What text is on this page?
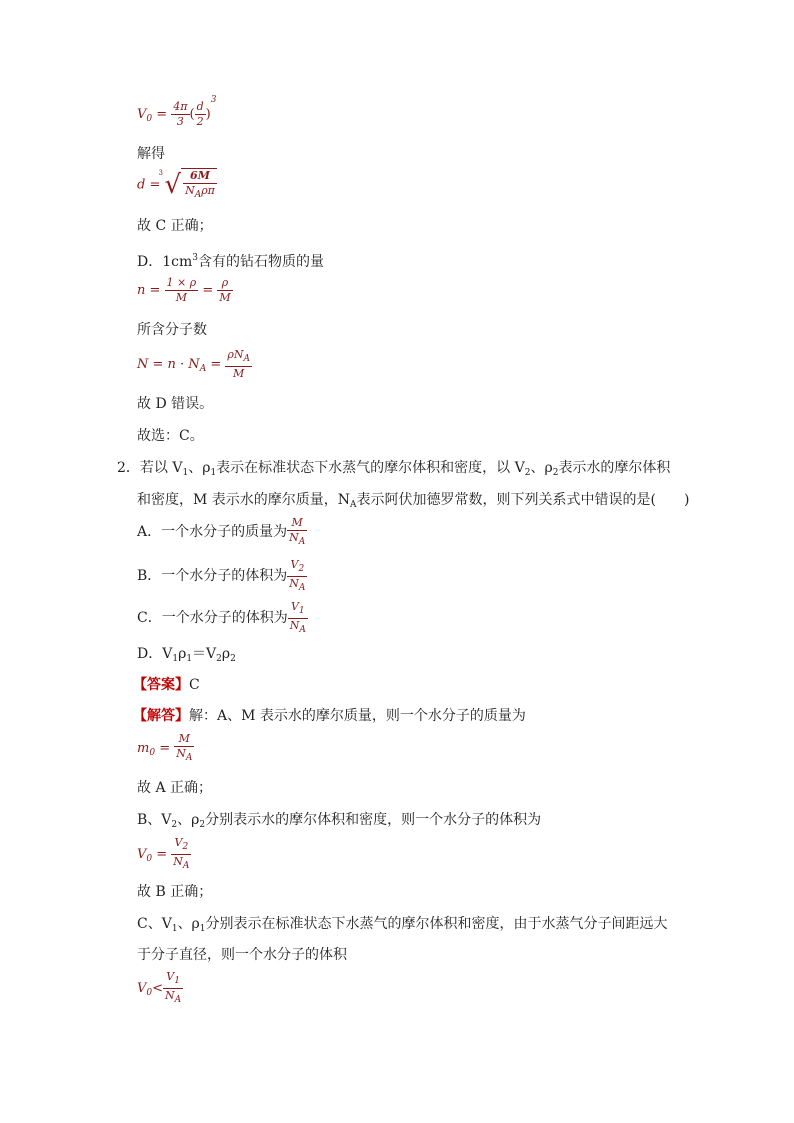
$V_0 = \frac{4\pi}{3}$ ( $\frac{d}{2} )^3$
解得
d =
3 √ $\frac{6M}{N_A\rho\pi}$
故 C 正确；
D．$1cm^3$含有的钻石物质的量
$n = \frac{1 \times \rho}{M} = \frac{\rho}{M}$
所含分子数
$N = n \cdot N_A = \frac{\rho N_A}{M}$
故 D 错误。
故选：C。
2．若以 $V_1$、$\rho_1$表示在标准状态下水蒸气的摩尔体积和密度，以 $V_2$、$\rho_2$表示水的摩尔体积
和密度，M 表示水的摩尔质量，$N_A$表示阿伏加德罗常数，则下列关系式中错误的是(　　)
A．一个水分子的质量为 $\frac{M}{N_A}$
B．一个水分子的体积为 $\frac{V_2}{N_A}$
C．一个水分子的体积为 $\frac{V_1}{N_A}$
D．$V_1\rho_1=V_2\rho_2$
【答案】C
【解答】解：A、M 表示水的摩尔质量，则一个水分子的质量为
$m_0 = \frac{M}{N_A}$
故 A 正确；
B、$V_2$、$\rho_2$分别表示水的摩尔体积和密度，则一个水分子的体积为
$V_0 = \frac{V_2}{N_A}$
故 B 正确；
C、$V_1$、$\rho_1$分别表示在标准状态下水蒸气的摩尔体积和密度，由于水蒸气分子间距远大
于分子直径，则一个水分子的体积
$V_0< \frac{V_1}{N_A}$
